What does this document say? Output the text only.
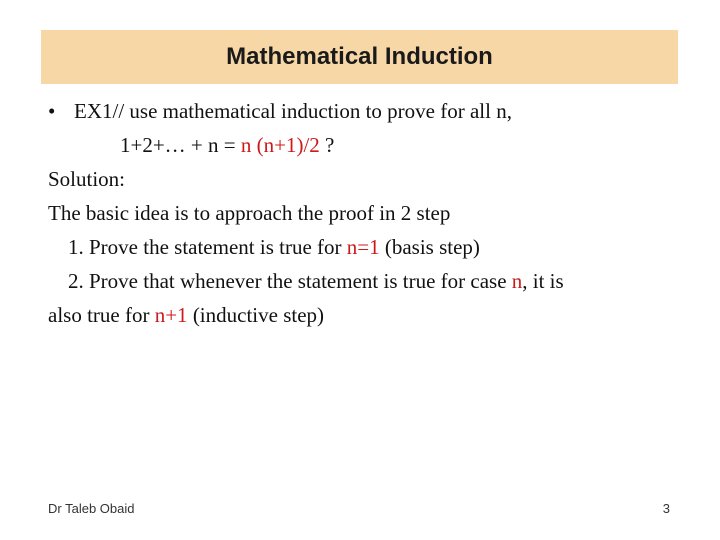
Mathematical Induction
• EX1// use mathematical induction to prove for all n,
1+2+… + n = n (n+1)/2 ?
Solution:
The basic idea is to approach the proof in 2 step
1. Prove the statement is true for n=1 (basis step)
2. Prove that whenever the statement is true for case n, it is
also true for n+1 (inductive step)
Dr Taleb Obaid	3
